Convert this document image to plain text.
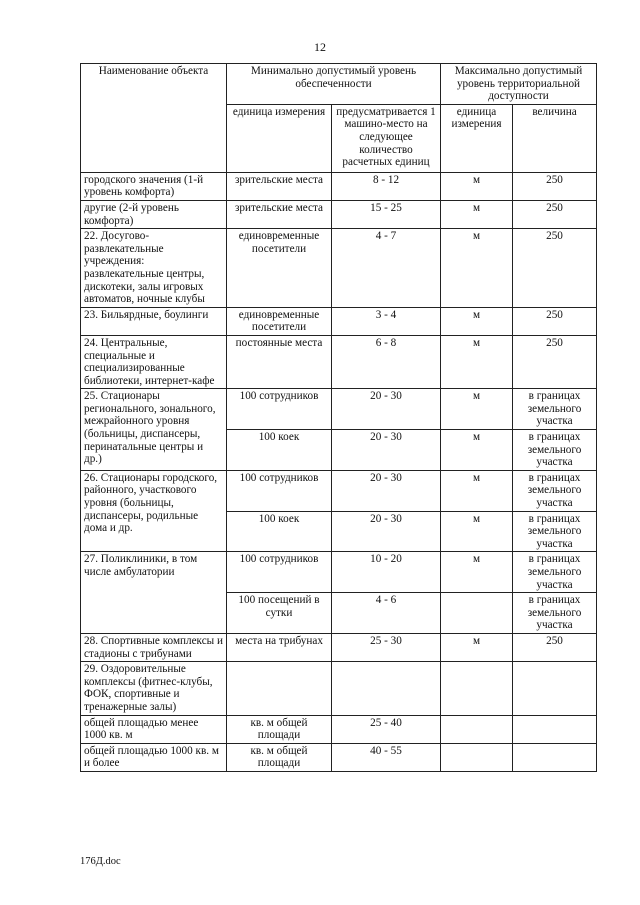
12
Наименование объекта	Минимально допустимый уровень обеспеченности		Максимально допустимый уровень территориальной доступности	
	единица измерения	предусматривается 1 машино-место на следующее количество расчетных единиц	единица измерения	величина
городского значения (1-й уровень комфорта)	зрительские места	8 - 12	м	250
другие (2-й уровень комфорта)	зрительские места	15 - 25	м	250
22. Досугово-развлекательные учреждения: развлекательные центры, дискотеки, залы игровых автоматов, ночные клубы	единовременные посетители	4 - 7	м	250
23. Бильярдные, боулинги	единовременные посетители	3 - 4	м	250
24. Центральные, специальные и специализированные библиотеки, интернет-кафе	постоянные места	6 - 8	м	250
25. Стационары регионального, зонального, межрайонного уровня (больницы, диспансеры, перинатальные центры и др.)	100 сотрудников	20 - 30	м	в границах земельного участка
	100 коек	20 - 30	м	в границах земельного участка
26. Стационары городского, районного, участкового уровня (больницы, диспансеры, родильные дома и др.	100 сотрудников	20 - 30	м	в границах земельного участка
	100 коек	20 - 30	м	в границах земельного участка
27. Поликлиники, в том числе амбулатории	100 сотрудников	10 - 20	м	в границах земельного участка
	100 посещений в сутки	4 - 6		в границах земельного участка
28. Спортивные комплексы и стадионы с трибунами	места на трибунах	25 - 30	м	250
29. Оздоровительные комплексы (фитнес-клубы, ФОК, спортивные и тренажерные залы)				
общей площадью менее 1000 кв. м	кв. м общей площади	25 - 40		
общей площадью 1000 кв. м и более	кв. м общей площади	40 - 55		
176Д.doc
